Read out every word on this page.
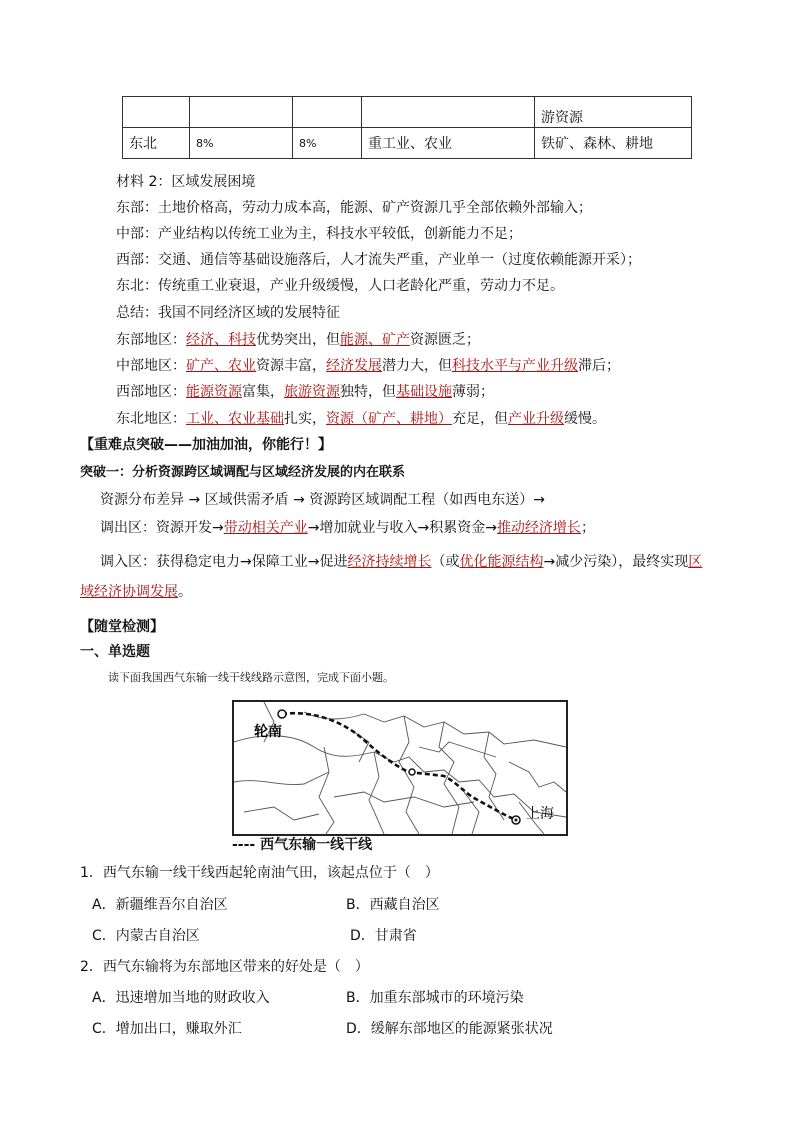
				游资源
东北	8%	8%	重工业、农业	铁矿、森林、耕地
材料 2：区域发展困境
东部：土地价格高，劳动力成本高，能源、矿产资源几乎全部依赖外部输入；
中部：产业结构以传统工业为主，科技水平较低，创新能力不足；
西部：交通、通信等基础设施落后，人才流失严重，产业单一（过度依赖能源开采）；
东北：传统重工业衰退，产业升级缓慢，人口老龄化严重，劳动力不足。
总结：我国不同经济区域的发展特征
东部地区：经济、科技优势突出，但能源、矿产资源匮乏；
中部地区：矿产、农业资源丰富，经济发展潜力大，但科技水平与产业升级滞后；
西部地区：能源资源富集，旅游资源独特，但基础设施薄弱；
东北地区：工业、农业基础扎实，资源（矿产、耕地）充足，但产业升级缓慢。
【重难点突破——加油加油，你能行！】
突破一：分析资源跨区域调配与区域经济发展的内在联系
资源分布差异 → 区域供需矛盾 → 资源跨区域调配工程（如西电东送）→
调出区：资源开发→带动相关产业→增加就业与收入→积累资金→推动经济增长；
调入区：获得稳定电力→保障工业→促进经济持续增长（或优化能源结构→减少污染），最终实现区
域经济协调发展。
【随堂检测】
一、单选题
读下面我国西气东输一线干线线路示意图，完成下面小题。
轮南
上海
---- 西气东输一线干线
1．西气东输一线干线西起轮南油气田，该起点位于（　）
A．新疆维吾尔自治区	B．西藏自治区
C．内蒙古自治区	D．甘肃省
2．西气东输将为东部地区带来的好处是（　）
A．迅速增加当地的财政收入	B．加重东部城市的环境污染
C．增加出口，赚取外汇	D．缓解东部地区的能源紧张状况
